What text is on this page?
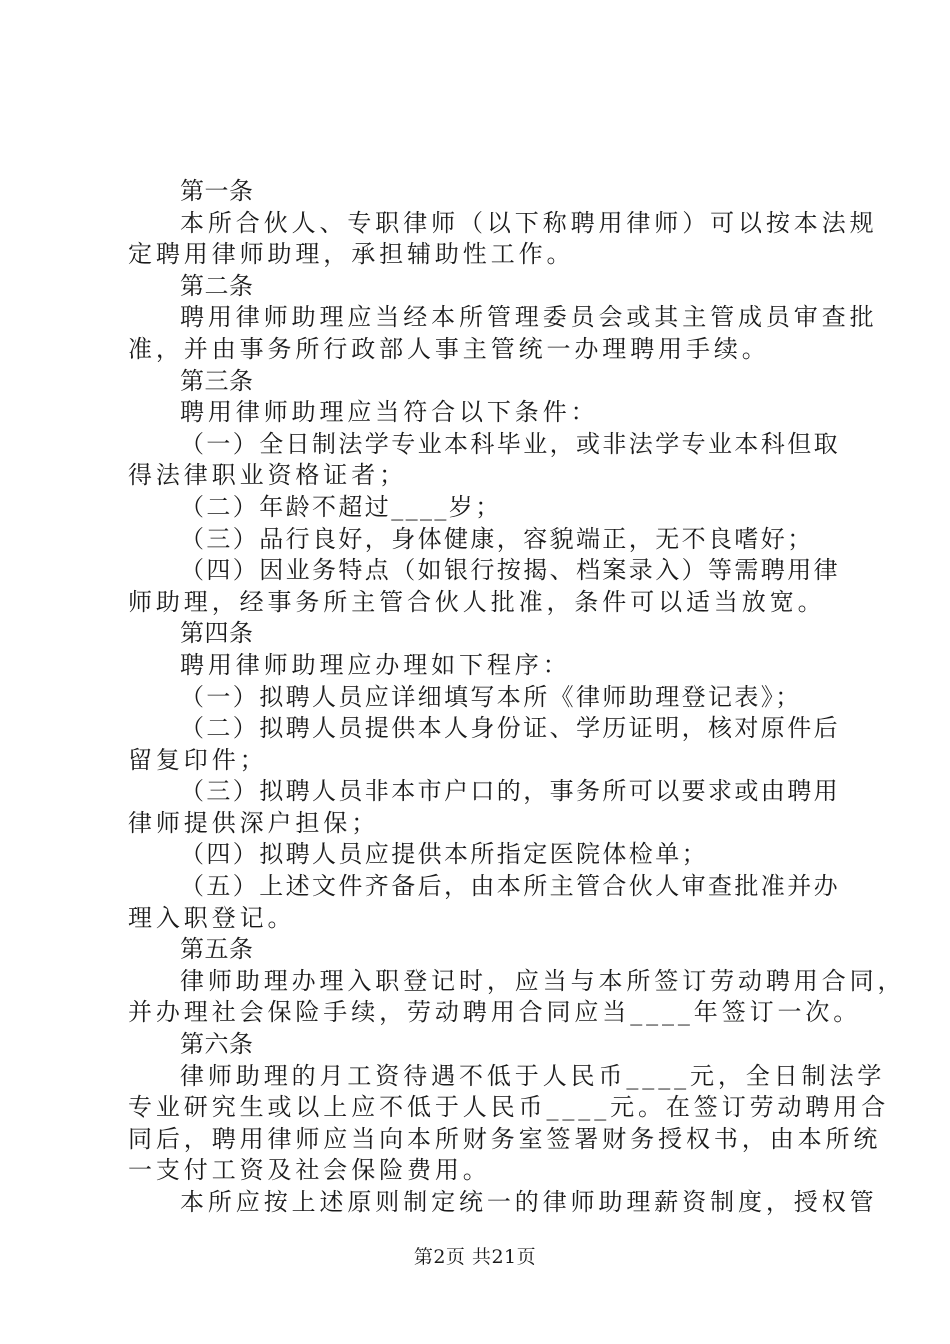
第一条
本所合伙人、专职律师（以下称聘用律师）可以按本法规
定聘用律师助理，承担辅助性工作。
第二条
聘用律师助理应当经本所管理委员会或其主管成员审查批
准，并由事务所行政部人事主管统一办理聘用手续。
第三条
聘用律师助理应当符合以下条件：
（一）全日制法学专业本科毕业，或非法学专业本科但取
得法律职业资格证者；
（二）年龄不超过____岁；
（三）品行良好，身体健康，容貌端正，无不良嗜好；
（四）因业务特点（如银行按揭、档案录入）等需聘用律
师助理，经事务所主管合伙人批准，条件可以适当放宽。
第四条
聘用律师助理应办理如下程序：
（一）拟聘人员应详细填写本所《律师助理登记表》；
（二）拟聘人员提供本人身份证、学历证明，核对原件后
留复印件；
（三）拟聘人员非本市户口的，事务所可以要求或由聘用
律师提供深户担保；
（四）拟聘人员应提供本所指定医院体检单；
（五）上述文件齐备后，由本所主管合伙人审查批准并办
理入职登记。
第五条
律师助理办理入职登记时，应当与本所签订劳动聘用合同，
并办理社会保险手续，劳动聘用合同应当____年签订一次。
第六条
律师助理的月工资待遇不低于人民币____元，全日制法学
专业研究生或以上应不低于人民币____元。在签订劳动聘用合
同后，聘用律师应当向本所财务室签署财务授权书，由本所统
一支付工资及社会保险费用。
本所应按上述原则制定统一的律师助理薪资制度，授权管
第2页 共21页
